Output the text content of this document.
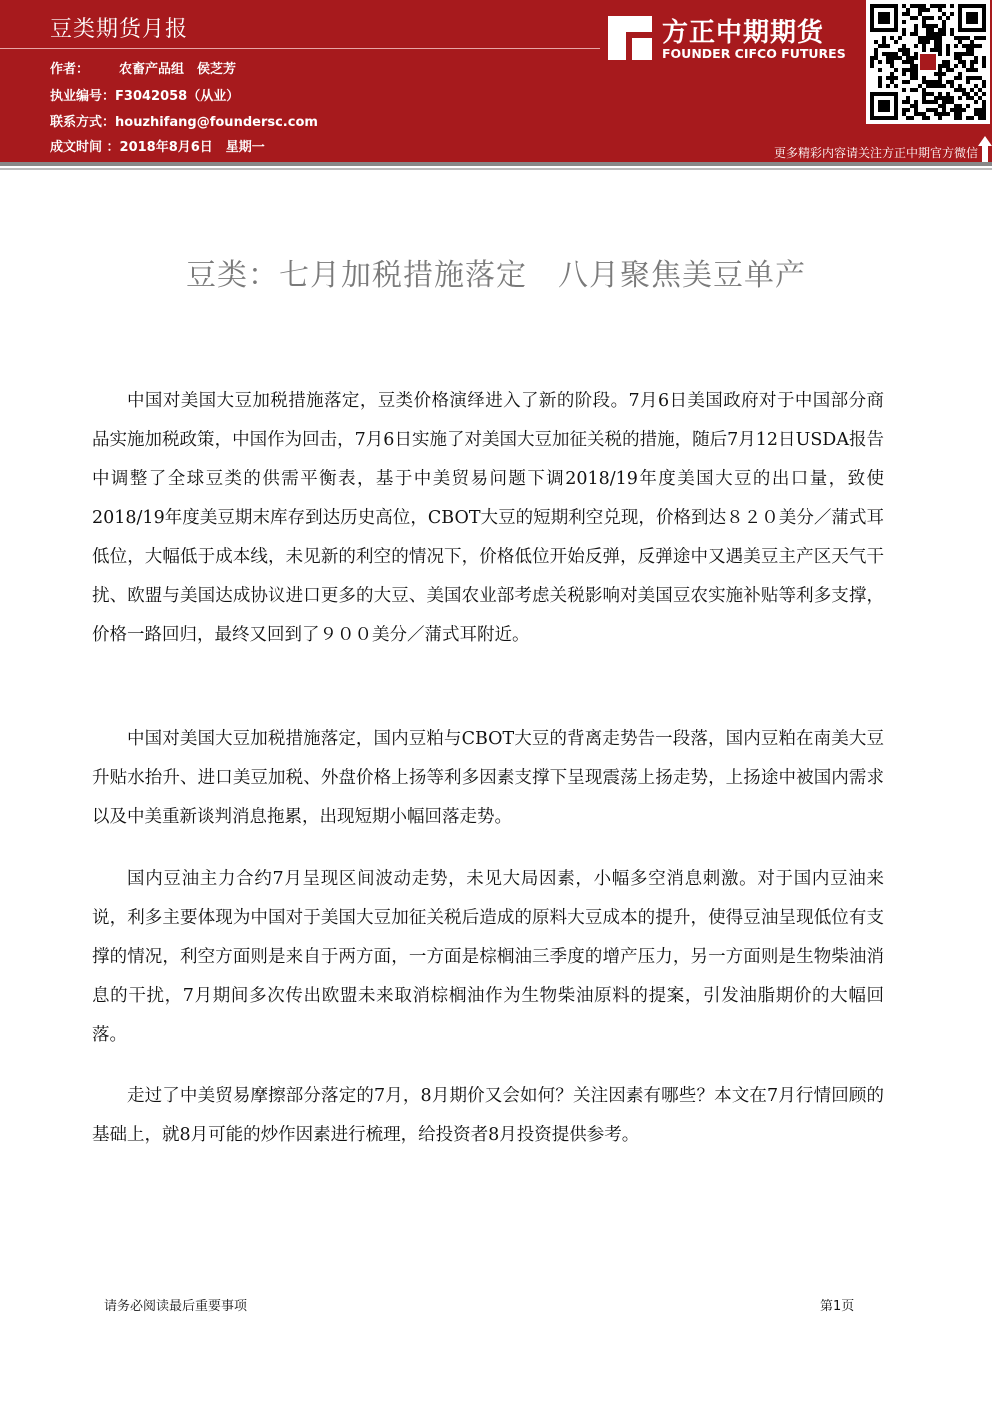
豆类期货月报
作者： 农畜产品组　侯芝芳
执业编号：F3042058（从业）
联系方式：houzhifang@foundersc.com
成文时间 ：2018年8月6日　星期一
方正中期期货
FOUNDER CIFCO FUTURES
更多精彩内容请关注方正中期官方微信
豆类：七月加税措施落定　八月聚焦美豆单产
中国对美国大豆加税措施落定，豆类价格演绎进入了新的阶段。7月6日美国政府对于中国部分商品实施加税政策，中国作为回击，7月6日实施了对美国大豆加征关税的措施，随后7月12日USDA报告中调整了全球豆类的供需平衡表，基于中美贸易问题下调2018/19年度美国大豆的出口量，致使2018/19年度美豆期末库存到达历史高位，CBOT大豆的短期利空兑现，价格到达８２０美分／蒲式耳低位，大幅低于成本线，未见新的利空的情况下，价格低位开始反弹，反弹途中又遇美豆主产区天气干扰、欧盟与美国达成协议进口更多的大豆、美国农业部考虑关税影响对美国豆农实施补贴等利多支撑，价格一路回归，最终又回到了９００美分／蒲式耳附近。
中国对美国大豆加税措施落定，国内豆粕与CBOT大豆的背离走势告一段落，国内豆粕在南美大豆升贴水抬升、进口美豆加税、外盘价格上扬等利多因素支撑下呈现震荡上扬走势，上扬途中被国内需求以及中美重新谈判消息拖累，出现短期小幅回落走势。
国内豆油主力合约7月呈现区间波动走势，未见大局因素，小幅多空消息刺激。对于国内豆油来说，利多主要体现为中国对于美国大豆加征关税后造成的原料大豆成本的提升，使得豆油呈现低位有支撑的情况，利空方面则是来自于两方面，一方面是棕榈油三季度的增产压力，另一方面则是生物柴油消息的干扰，7月期间多次传出欧盟未来取消棕榈油作为生物柴油原料的提案，引发油脂期价的大幅回落。
走过了中美贸易摩擦部分落定的7月，8月期价又会如何？关注因素有哪些？本文在7月行情回顾的基础上，就8月可能的炒作因素进行梳理，给投资者8月投资提供参考。
请务必阅读最后重要事项	第1页
